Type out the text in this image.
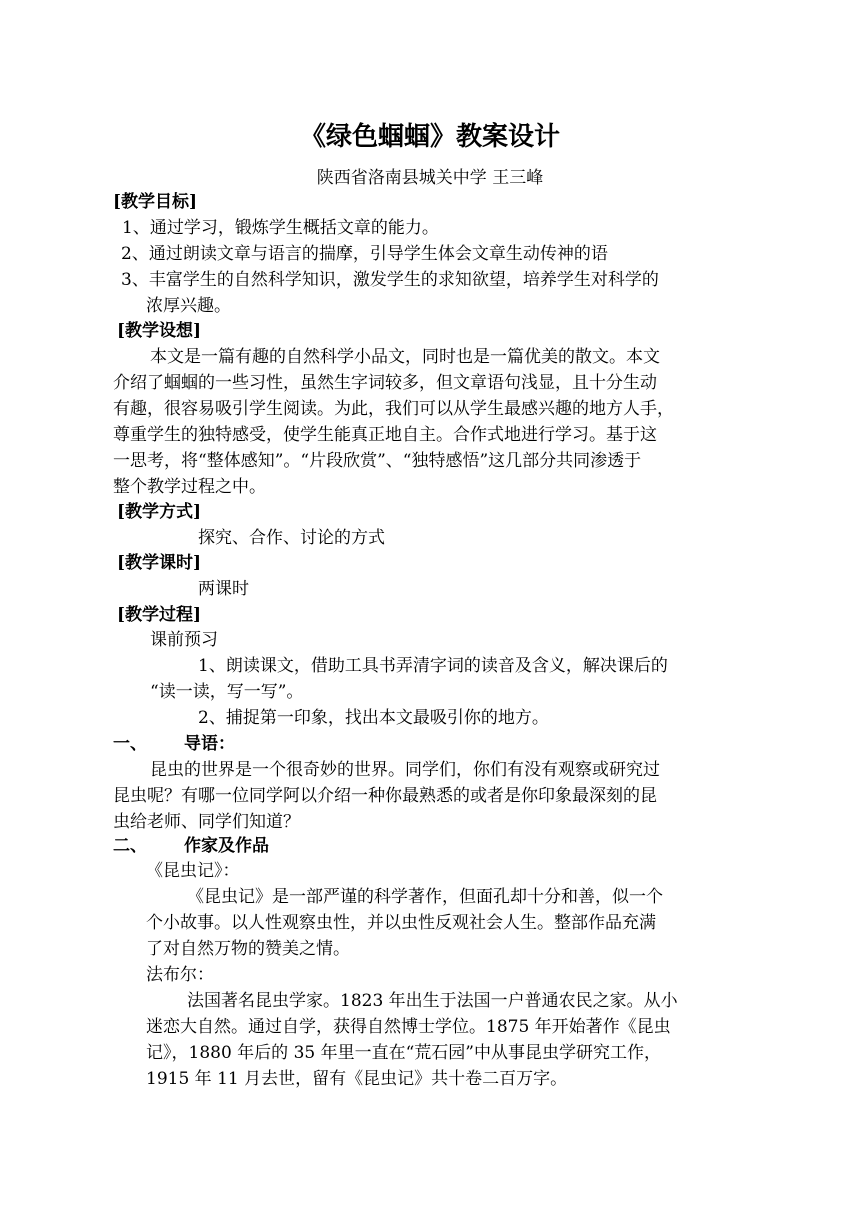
《绿色蝈蝈》教案设计
陕西省洛南县城关中学 王三峰
[教学目标]
1、通过学习，锻炼学生概括文章的能力。
2、通过朗读文章与语言的揣摩，引导学生体会文章生动传神的语
3、丰富学生的自然科学知识，激发学生的求知欲望，培养学生对科学的
浓厚兴趣。
[教学设想]
本文是一篇有趣的自然科学小品文，同时也是一篇优美的散文。本文
介绍了蝈蝈的一些习性，虽然生字词较多，但文章语句浅显，且十分生动
有趣，很容易吸引学生阅读。为此，我们可以从学生最感兴趣的地方人手，
尊重学生的独特感受，使学生能真正地自主。合作式地进行学习。基于这
一思考，将“整体感知”。“片段欣赏”、“独特感悟”这几部分共同渗透于
整个教学过程之中。
[教学方式]
探究、合作、讨论的方式
[教学课时]
两课时
[教学过程]
课前预习
1、朗读课文，借助工具书弄清字词的读音及含义，解决课后的
“读一读，写一写”。
2、捕捉第一印象，找出本文最吸引你的地方。
一、 导语：
昆虫的世界是一个很奇妙的世界。同学们，你们有没有观察或研究过
昆虫呢？有哪一位同学阿以介绍一种你最熟悉的或者是你印象最深刻的昆
虫给老师、同学们知道？
二、 作家及作品
《昆虫记》：
《昆虫记》是一部严谨的科学著作，但面孔却十分和善，似一个
个小故事。以人性观察虫性，并以虫性反观社会人生。整部作品充满
了对自然万物的赞美之情。
法布尔：
法国著名昆虫学家。1823 年出生于法国一户普通农民之家。从小
迷恋大自然。通过自学，获得自然博士学位。1875 年开始著作《昆虫
记》，1880 年后的 35 年里一直在“荒石园”中从事昆虫学研究工作，
1915 年 11 月去世，留有《昆虫记》共十卷二百万字。
